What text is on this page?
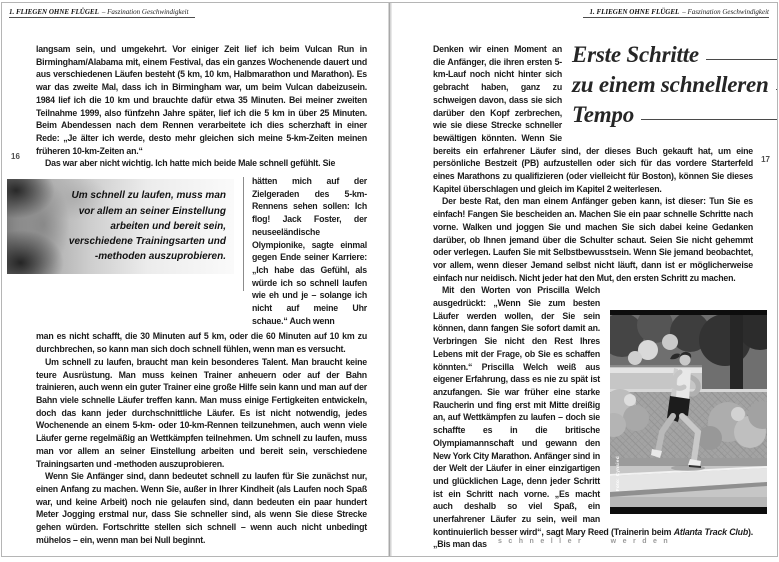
1. FLIEGEN OHNE FLÜGEL – Faszination Geschwindigkeit
16
langsam sein, und umgekehrt. Vor einiger Zeit lief ich beim Vulcan Run in Birmingham/Alabama mit, einem Festival, das ein ganzes Wochenende dauert und aus verschiedenen Läufen besteht (5 km, 10 km, Halbmarathon und Marathon). Es war das zweite Mal, dass ich in Birmingham war, um beim Vulcan dabeizusein. 1984 lief ich die 10 km und brauchte dafür etwa 35 Minuten. Bei meiner zweiten Teilnahme 1999, also fünfzehn Jahre später, lief ich die 5 km in über 25 Minuten. Beim Abendessen nach dem Rennen verarbeitete ich dies scherzhaft in einer Rede: „Je älter ich werde, desto mehr gleichen sich meine 5-km-Zeiten meinen früheren 10-km-Zeiten an.“
Das war aber nicht wichtig. Ich hatte mich beide Male schnell gefühlt. Sie
Um schnell zu laufen, muss man vor allem an seiner Einstellung arbeiten und bereit sein, verschiedene Trainingsarten und -methoden auszuprobieren.
hätten mich auf der Zielgeraden des 5-km-Rennens sehen sollen: Ich flog! Jack Foster, der neuseeländische Olympionike, sagte einmal gegen Ende seiner Karriere: „Ich habe das Gefühl, als würde ich so schnell laufen wie eh und je – solange ich nicht auf meine Uhr schaue.“ Auch wenn
man es nicht schafft, die 30 Minuten auf 5 km, oder die 60 Minuten auf 10 km zu durchbrechen, so kann man sich doch schnell fühlen, wenn man es versucht.
Um schnell zu laufen, braucht man kein besonderes Talent. Man braucht keine teure Ausrüstung. Man muss keinen Trainer anheuern oder auf der Bahn trainieren, auch wenn ein guter Trainer eine große Hilfe sein kann und man auf der Bahn viele schnelle Läufer treffen kann. Man muss einige Fertigkeiten entwickeln, doch das kann jeder durchschnittliche Läufer. Es ist nicht notwendig, jedes Wochenende an einem 5-km- oder 10-km-Rennen teilzunehmen, auch wenn viele Läufer gerne regelmäßig an Wettkämpfen teilnehmen. Um schnell zu laufen, muss man vor allem an seiner Einstellung arbeiten und bereit sein, verschiedene Trainingsarten und -methoden auszuprobieren.
Wenn Sie Anfänger sind, dann bedeutet schnell zu laufen für Sie zunächst nur, einen Anfang zu machen. Wenn Sie, außer in Ihrer Kindheit (als Laufen noch Spaß war, und keine Arbeit) noch nie gelaufen sind, dann bedeuten ein paar hundert Meter Jogging erstmal nur, dass Sie schneller sind, als wenn Sie diese Strecke gehen würden. Fortschritte stellen sich schnell – wenn auch nicht unbedingt mühelos – ein, wenn man bei Null beginnt.
1. FLIEGEN OHNE FLÜGEL – Faszination Geschwindigkeit
17
Erste Schritte
zu einem schnelleren
Tempo
Denken wir einen Moment an die Anfänger, die ihren ersten 5-km-Lauf noch nicht hinter sich gebracht haben, ganz zu schweigen davon, dass sie sich darüber den Kopf zerbrechen, wie sie diese Strecke schneller bewältigen könnten. Wenn Sie bereits ein erfahrener Läufer sind, der dieses Buch gekauft hat, um eine persönliche Bestzeit (PB) aufzustellen oder sich für das vordere Starterfeld eines Marathons zu qualifizieren (oder vielleicht für Boston), können Sie dieses Kapitel überschlagen und gleich im Kapitel 2 weiterlesen.
Der beste Rat, den man einem Anfänger geben kann, ist dieser: Tun Sie es einfach! Fangen Sie bescheiden an. Machen Sie ein paar schnelle Schritte nach vorne. Walken und joggen Sie und machen Sie sich dabei keine Gedanken darüber, ob Ihnen jemand über die Schulter schaut. Seien Sie nicht gehemmt oder verlegen. Laufen Sie mit Selbstbewusstsein. Wenn Sie jemand beobachtet, vor allem, wenn dieser Jemand selbst nicht läuft, dann ist er möglicherweise einfach nur neidisch. Nicht jeder hat den Mut, den ersten Schritt zu machen.
Foto: Cynsied
Mit den Worten von Priscilla Welch ausgedrückt: „Wenn Sie zum besten Läufer werden wollen, der Sie sein können, dann fangen Sie sofort damit an. Verbringen Sie nicht den Rest Ihres Lebens mit der Frage, ob Sie es schaffen könnten.“ Priscilla Welch weiß aus eigener Erfahrung, dass es nie zu spät ist anzufangen. Sie war früher eine starke Raucherin und fing erst mit Mitte dreißig an, auf Wettkämpfen zu laufen – doch sie schaffte es in die britische Olympiamannschaft und gewann den New York City Marathon. Anfänger sind in der Welt der Läufer in einer einzigartigen und glücklichen Lage, denn jeder Schritt ist ein Schritt nach vorne. „Es macht auch deshalb so viel Spaß, ein unerfahrener Läufer zu sein, weil man kontinuierlich besser wird“, sagt Mary Reed (Trainerin beim Atlanta Track Club). „Bis man das	schneller werden
